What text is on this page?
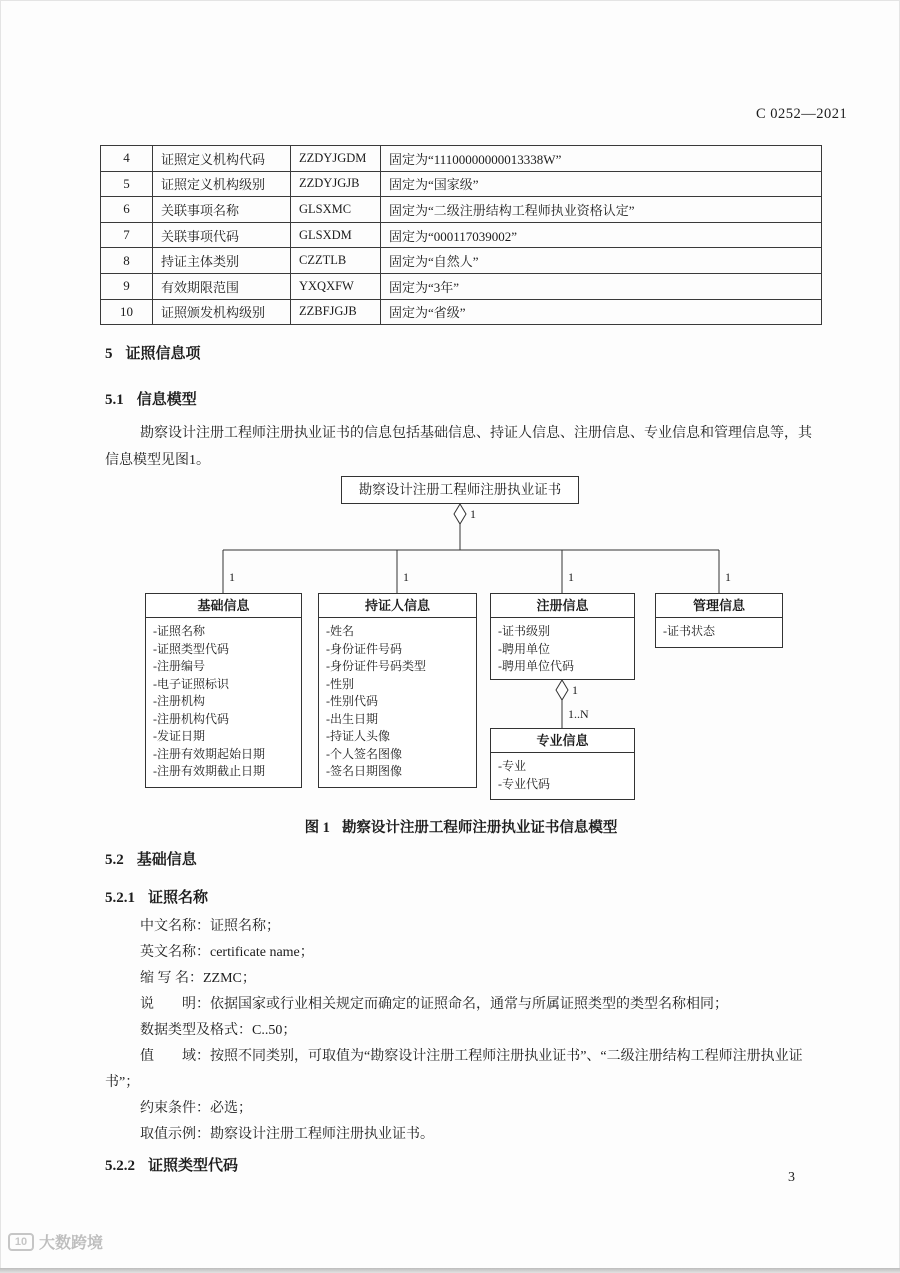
C 0252—2021
4	证照定义机构代码	ZZDYJGDM	固定为“11100000000013338W”
5	证照定义机构级别	ZZDYJGJB	固定为“国家级”
6	关联事项名称	GLSXMC	固定为“二级注册结构工程师执业资格认定”
7	关联事项代码	GLSXDM	固定为“000117039002”
8	持证主体类别	CZZTLB	固定为“自然人”
9	有效期限范围	YXQXFW	固定为“3年”
10	证照颁发机构级别	ZZBFJGJB	固定为“省级”
5 证照信息项
5.1 信息模型
勘察设计注册工程师注册执业证书的信息包括基础信息、持证人信息、注册信息、专业信息和管理信息等，其信息模型见图1。
勘察设计注册工程师注册执业证书
1
1	1	1	1
基础信息
-证照名称
-证照类型代码
-注册编号
-电子证照标识
-注册机构
-注册机构代码
-发证日期
-注册有效期起始日期
-注册有效期截止日期
持证人信息
-姓名
-身份证件号码
-身份证件号码类型
-性别
-性别代码
-出生日期
-持证人头像
-个人签名图像
-签名日期图像
注册信息
-证书级别
-聘用单位
-聘用单位代码
管理信息
-证书状态
1
1..N
专业信息
-专业
-专业代码
图 1 勘察设计注册工程师注册执业证书信息模型
5.2 基础信息
5.2.1 证照名称
中文名称：证照名称；
英文名称：certificate name；
缩 写 名：ZZMC；
说　　明：依据国家或行业相关规定而确定的证照命名，通常与所属证照类型的类型名称相同；
数据类型及格式：C..50；
值　　域：按照不同类别，可取值为“勘察设计注册工程师注册执业证书”、“二级注册结构工程师注册执业证书”；
约束条件：必选；
取值示例：勘察设计注册工程师注册执业证书。
5.2.2 证照类型代码
3
10 大数跨境
